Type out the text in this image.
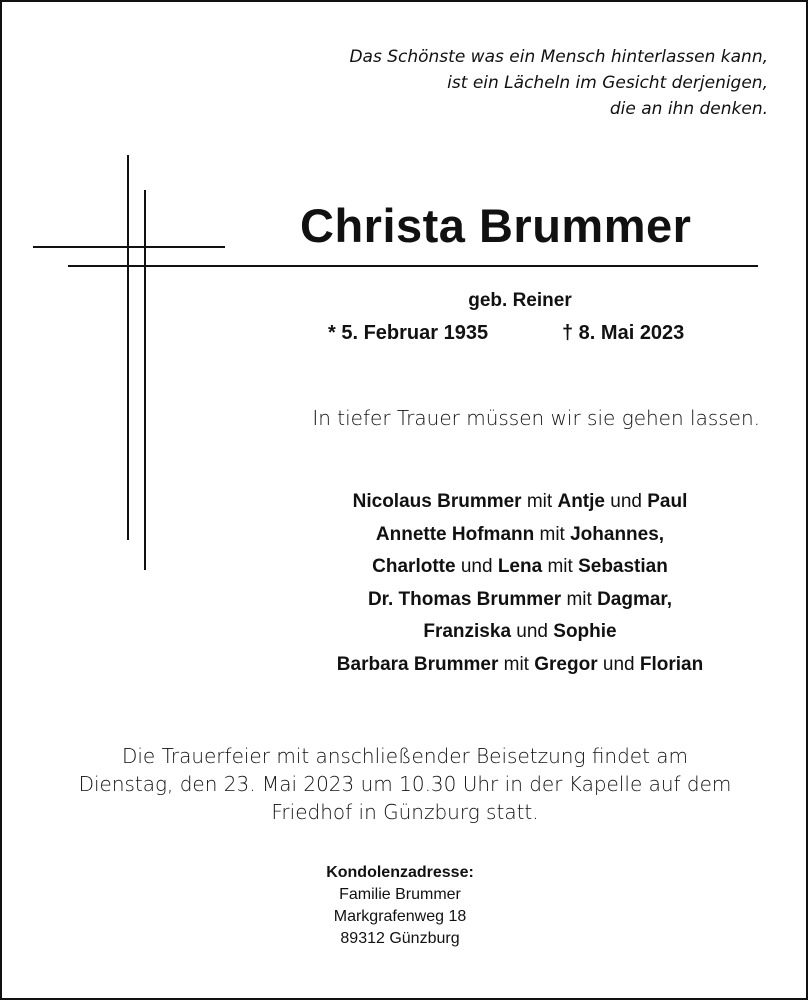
Das Schönste was ein Mensch hinterlassen kann,
ist ein Lächeln im Gesicht derjenigen,
die an ihn denken.
Christa Brummer
geb. Reiner
* 5. Februar 1935	† 8. Mai 2023
In tiefer Trauer müssen wir sie gehen lassen.
Nicolaus Brummer mit Antje und Paul
Annette Hofmann mit Johannes,
Charlotte und Lena mit Sebastian
Dr. Thomas Brummer mit Dagmar,
Franziska und Sophie
Barbara Brummer mit Gregor und Florian
Die Trauerfeier mit anschließender Beisetzung findet am
Dienstag, den 23. Mai 2023 um 10.30 Uhr in der Kapelle auf dem
Friedhof in Günzburg statt.
Kondolenzadresse:
Familie Brummer
Markgrafenweg 18
89312 Günzburg
